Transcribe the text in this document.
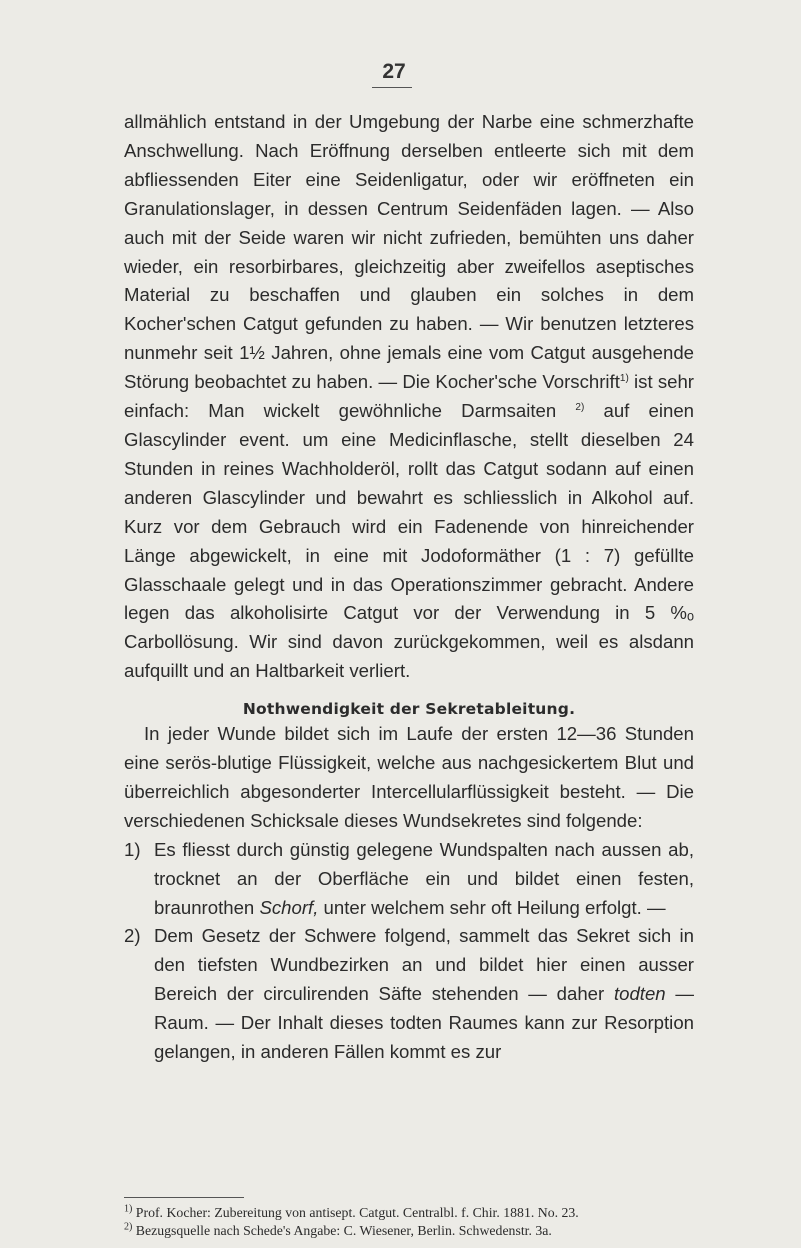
27

allmählich entstand in der Umgebung der Narbe eine schmerzhafte Anschwellung. Nach Eröffnung derselben entleerte sich mit dem abfliessenden Eiter eine Seidenligatur, oder wir eröffneten ein Granulationslager, in dessen Centrum Seidenfäden lagen. — Also auch mit der Seide waren wir nicht zufrieden, bemühten uns daher wieder, ein resorbirbares, gleichzeitig aber zweifellos aseptisches Material zu beschaffen und glauben ein solches in dem Kocher'schen Catgut gefunden zu haben. — Wir benutzen letzteres nunmehr seit 1½ Jahren, ohne jemals eine vom Catgut ausgehende Störung beobachtet zu haben. — Die Kocher'sche Vorschrift$^{1)}$ ist sehr einfach: Man wickelt gewöhnliche Darmsaiten $^{2)}$ auf einen Glascylinder event. um eine Medicinflasche, stellt dieselben 24 Stunden in reines Wachholderöl, rollt das Catgut sodann auf einen anderen Glascylinder und bewahrt es schliesslich in Alkohol auf. Kurz vor dem Gebrauch wird ein Fadenende von hinreichender Länge abgewickelt, in eine mit Jodoformäther (1 : 7) gefüllte Glasschaale gelegt und in das Operationszimmer gebracht. Andere legen das alkoholisirte Catgut vor der Verwendung in 5 %ₒ Carbollösung. Wir sind davon zurückgekommen, weil es alsdann aufquillt und an Haltbarkeit verliert.

Nothwendigkeit der Sekretableitung.

In jeder Wunde bildet sich im Laufe der ersten 12—36 Stunden eine serös-blutige Flüssigkeit, welche aus nachgesickertem Blut und überreichlich abgesonderter Intercellularflüssigkeit besteht. — Die verschiedenen Schicksale dieses Wundsekretes sind folgende:

1) Es fliesst durch günstig gelegene Wundspalten nach aussen ab, trocknet an der Oberfläche ein und bildet einen festen, braunrothen Schorf, unter welchem sehr oft Heilung erfolgt. —
2) Dem Gesetz der Schwere folgend, sammelt das Sekret sich in den tiefsten Wundbezirken an und bildet hier einen ausser Bereich der circulirenden Säfte stehenden — daher todten — Raum. — Der Inhalt dieses todten Raumes kann zur Resorption gelangen, in anderen Fällen kommt es zur

$^{1)}$ Prof. Kocher: Zubereitung von antisept. Catgut. Centralbl. f. Chir. 1881. No. 23.

$^{2)}$ Bezugsquelle nach Schede's Angabe: C. Wiesener, Berlin. Schwedenstr. 3a.
